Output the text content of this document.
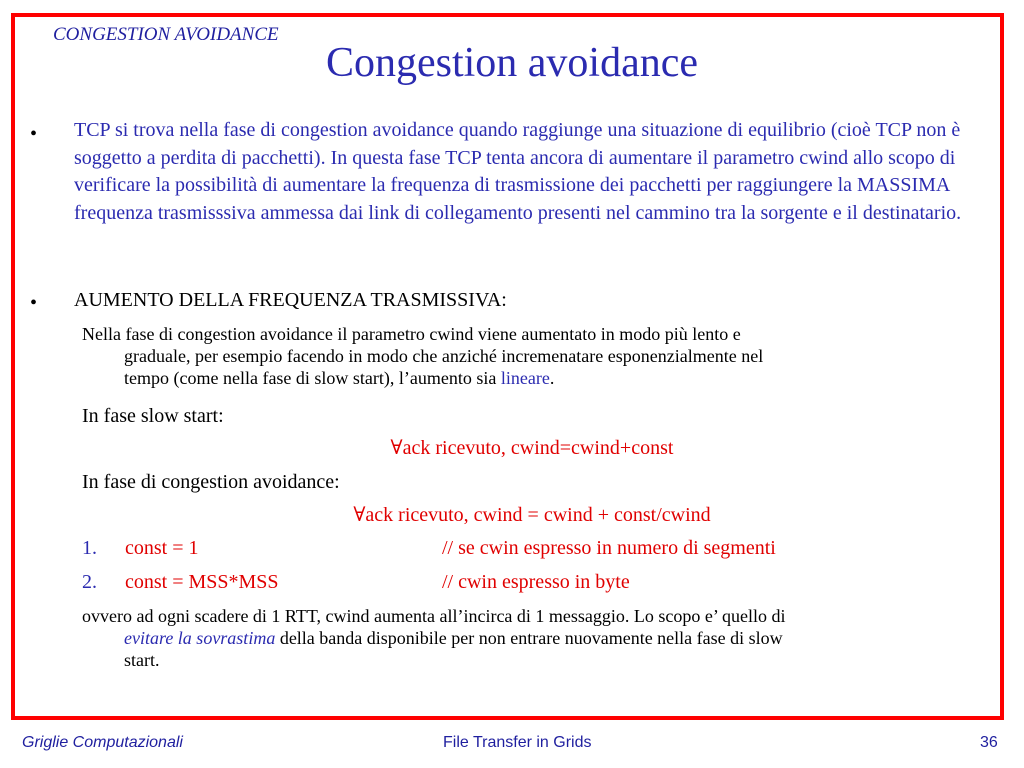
CONGESTION AVOIDANCE
Congestion avoidance
• TCP si trova nella fase di congestion avoidance quando raggiunge una situazione di equilibrio (cioè TCP non è soggetto a perdita di pacchetti). In questa fase TCP tenta ancora di aumentare il parametro cwind allo scopo di verificare la possibilità di aumentare la frequenza di trasmissione dei pacchetti per raggiungere la MASSIMA frequenza trasmisssiva ammessa dai link di collegamento presenti nel cammino tra la sorgente e il destinatario.
• AUMENTO DELLA FREQUENZA TRASMISSIVA:
Nella fase di congestion avoidance il parametro cwind viene aumentato in modo più lento e
graduale, per esempio facendo in modo che anziché incremenatare esponenzialmente nel
tempo (come nella fase di slow start), l’aumento sia lineare.
In fase slow start:
∀ack ricevuto, cwind=cwind+const
In fase di congestion avoidance:
∀ack ricevuto, cwind = cwind + const/cwind
1. const = 1	// se cwin espresso in numero di segmenti
2. const = MSS*MSS	// cwin espresso in byte
ovvero ad ogni scadere di 1 RTT, cwind aumenta all’incirca di 1 messaggio. Lo scopo e’ quello di
evitare la sovrastima della banda disponibile per non entrare nuovamente nella fase di slow
start.
Griglie Computazionali	File Transfer in Grids	36
